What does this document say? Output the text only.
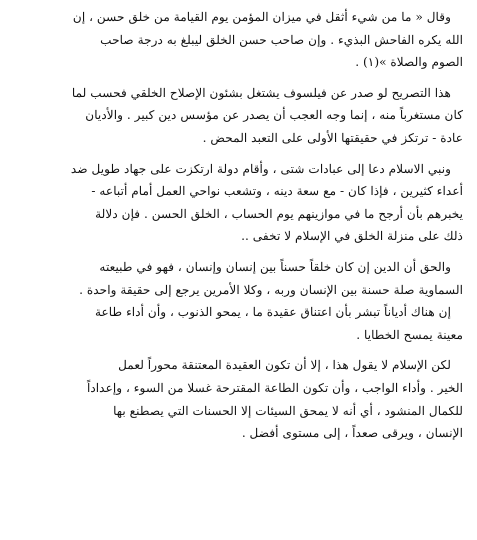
وقال « ما من شيء أثقل في ميزان المؤمن يوم القيامة من خلق حسن ، إن
الله يكره الفاحش البذيء . وإن صاحب حسن الخلق ليبلغ به درجة صاحب
الصوم والصلاة »(١) .
هذا التصريح لو صدر عن فيلسوف يشتغل بشئون الإصلاح الخلقي فحسب لما
كان مستغرباً منه ، إنما وجه العجب أن يصدر عن مؤسس دين كبير . والأديان
عادة - ترتكز في حقيقتها الأولى على التعبد المحض .
ونبي الاسلام دعا إلى عبادات شتى ، وأقام دولة ارتكزت على جهاد طويل ضد
أعداء كثيرين ، فإذا كان - مع سعة دينه ، وتشعب نواحي العمل أمام أتباعه -
يخبرهم بأن أرجح ما في موازينهم يوم الحساب ، الخلق الحسن . فإن دلالة
ذلك على منزلة الخلق في الإسلام لا تخفى ..
والحق أن الدين إن كان خلقاً حسناً بين إنسان وإنسان ، فهو في طبيعته
السماوية صلة حسنة بين الإنسان وربه ، وكلا الأمرين يرجع إلى حقيقة واحدة .
إن هناك أدياناً تبشر بأن اعتناق عقيدة ما ، يمحو الذنوب ، وأن أداء طاعة
معينة يمسح الخطايا .
لكن الإسلام لا يقول هذا ، إلا أن تكون العقيدة المعتنقة محوراً لعمل
الخير . وأداء الواجب ، وأن تكون الطاعة المقترحة غسلا من السوء ، وإعداداً
للكمال المنشود ، أي أنه لا يمحق السيئات إلا الحسنات التي يصطنع بها
الإنسان ، ويرقى صعداً ، إلى مستوى أفضل .
